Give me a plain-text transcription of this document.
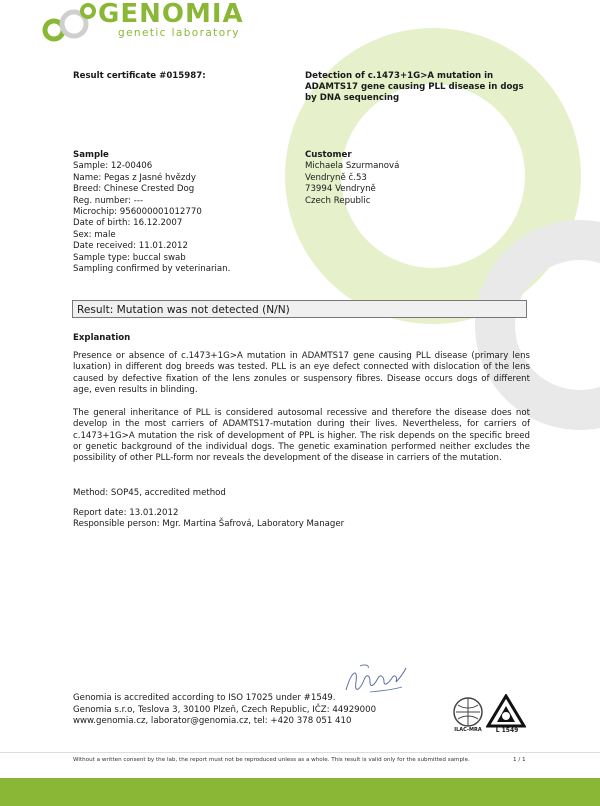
GENOMIA
genetic laboratory
Result certificate #015987:	Detection of c.1473+1G>A mutation in
ADAMTS17 gene causing PLL disease in dogs
by DNA sequencing
Sample
Sample: 12-00406
Name: Pegas z Jasné hvězdy
Breed: Chinese Crested Dog
Reg. number: ---
Microchip: 956000001012770
Date of birth: 16.12.2007
Sex: male
Date received: 11.01.2012
Sample type: buccal swab
Sampling confirmed by veterinarian.
Customer
Michaela Szurmanová
Vendryně č.53
73994 Vendryně
Czech Republic
Result: Mutation was not detected (N/N)
Explanation
Presence or absence of c.1473+1G>A mutation in ADAMTS17 gene causing PLL disease (primary lens luxation) in different dog breeds was tested. PLL is an eye defect connected with dislocation of the lens caused by defective fixation of the lens zonules or suspensory fibres. Disease occurs dogs of different age, even results in blinding.
The general inheritance of PLL is considered autosomal recessive and therefore the disease does not develop in the most carriers of ADAMTS17-mutation during their lives. Nevertheless, for carriers of c.1473+1G>A mutation the risk of development of PPL is higher. The risk depends on the specific breed or genetic background of the individual dogs. The genetic examination performed neither excludes the possibility of other PLL-form nor reveals the development of the disease in carriers of the mutation.
Method: SOP45, accredited method
Report date: 13.01.2012
Responsible person: Mgr. Martina Šafrová, Laboratory Manager
Genomia is accredited according to ISO 17025 under #1549.
Genomia s.r.o, Teslova 3, 30100 Plzeň, Czech Republic, IČZ: 44929000
www.genomia.cz, laborator@genomia.cz, tel: +420 378 051 410
ILAC-MRA	L 1549
Without a written consent by the lab, the report must not be reproduced unless as a whole. This result is valid only for the submitted sample.	1 / 1
